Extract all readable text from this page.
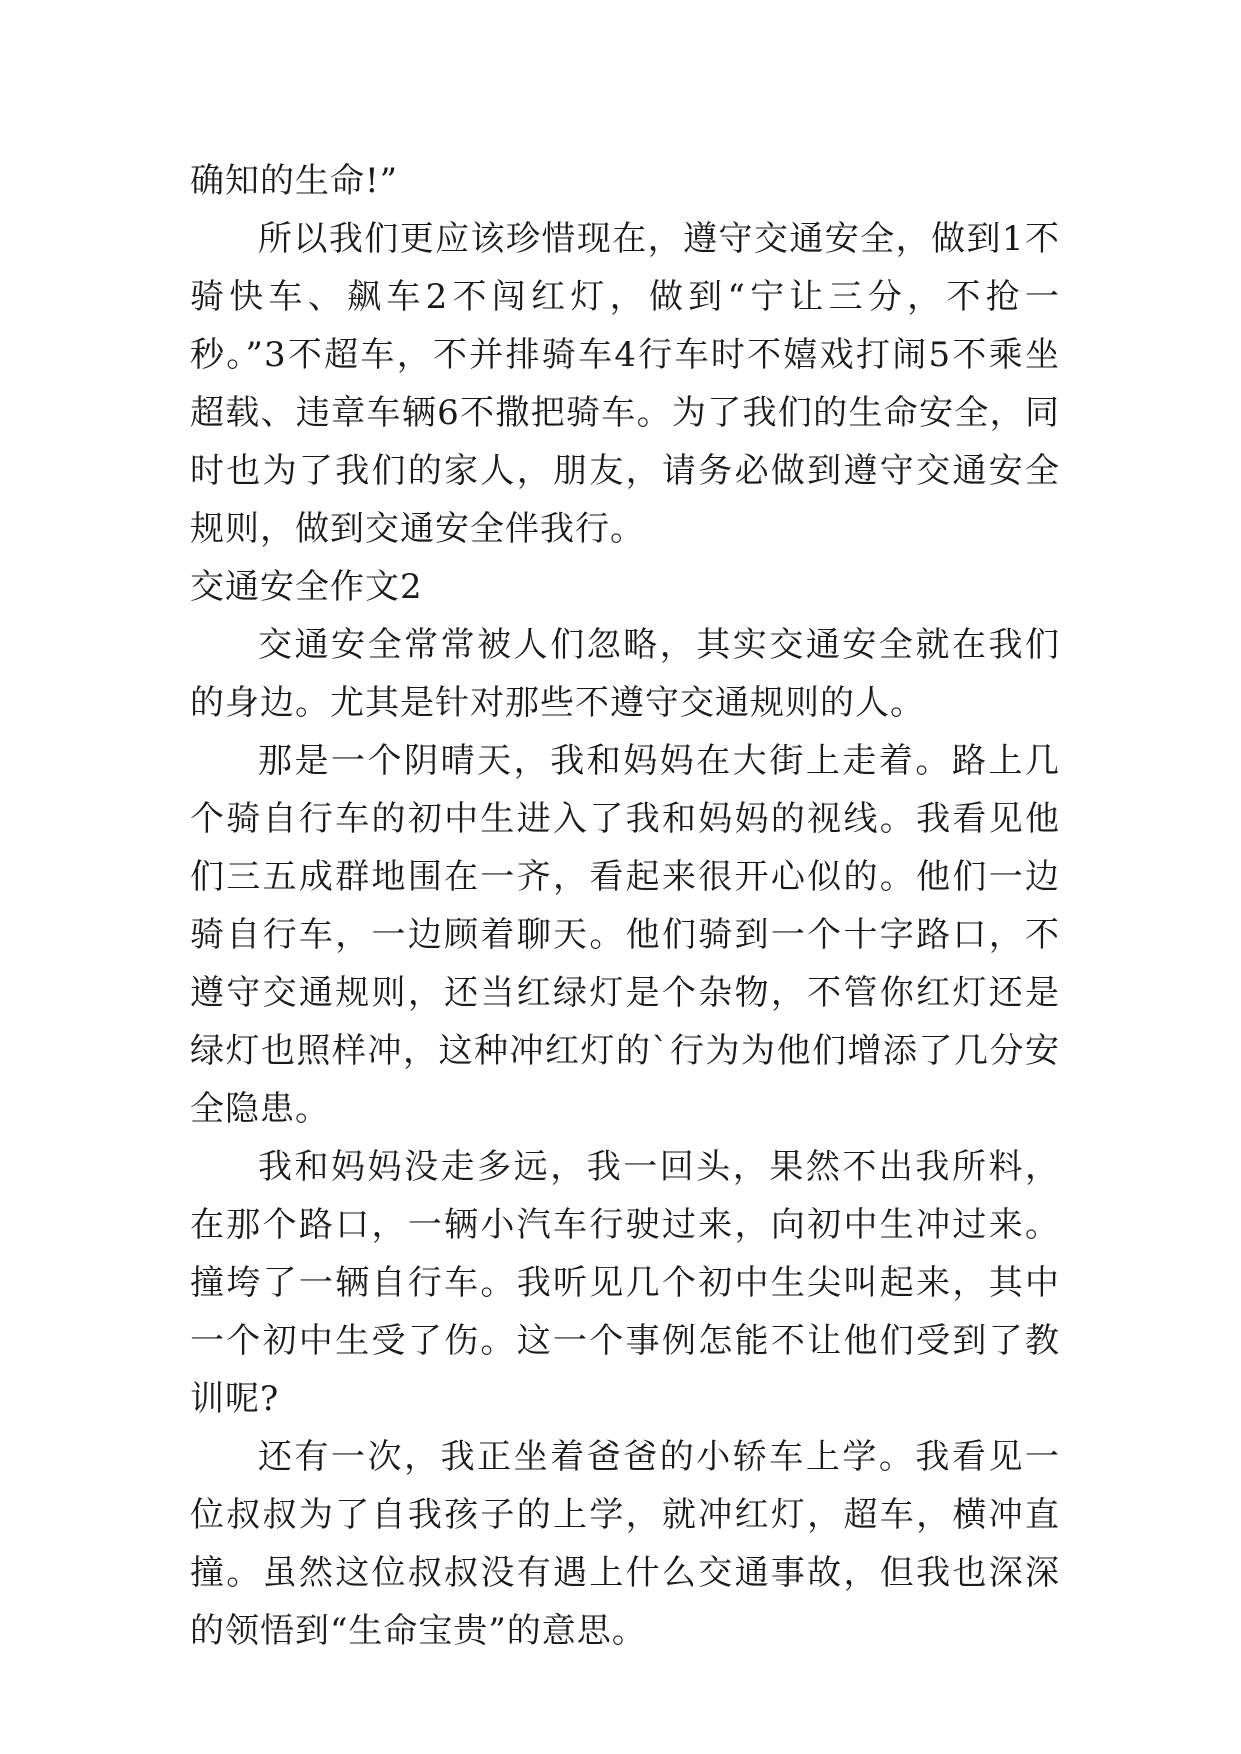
确知的生命!”

所以我们更应该珍惜现在，遵守交通安全，做到1不骑快车、飙车2不闯红灯，做到“宁让三分，不抢一秒。”3不超车，不并排骑车4行车时不嬉戏打闹5不乘坐超载、违章车辆6不撒把骑车。为了我们的生命安全，同时也为了我们的家人，朋友，请务必做到遵守交通安全规则，做到交通安全伴我行。

交通安全作文2

交通安全常常被人们忽略，其实交通安全就在我们的身边。尤其是针对那些不遵守交通规则的人。

那是一个阴晴天，我和妈妈在大街上走着。路上几个骑自行车的初中生进入了我和妈妈的视线。我看见他们三五成群地围在一齐，看起来很开心似的。他们一边骑自行车，一边顾着聊天。他们骑到一个十字路口，不遵守交通规则，还当红绿灯是个杂物，不管你红灯还是绿灯也照样冲，这种冲红灯的`行为为他们增添了几分安全隐患。

我和妈妈没走多远，我一回头，果然不出我所料，在那个路口，一辆小汽车行驶过来，向初中生冲过来。撞垮了一辆自行车。我听见几个初中生尖叫起来，其中一个初中生受了伤。这一个事例怎能不让他们受到了教训呢?

还有一次，我正坐着爸爸的小轿车上学。我看见一位叔叔为了自我孩子的上学，就冲红灯，超车，横冲直撞。虽然这位叔叔没有遇上什么交通事故，但我也深深的领悟到“生命宝贵”的意思。
